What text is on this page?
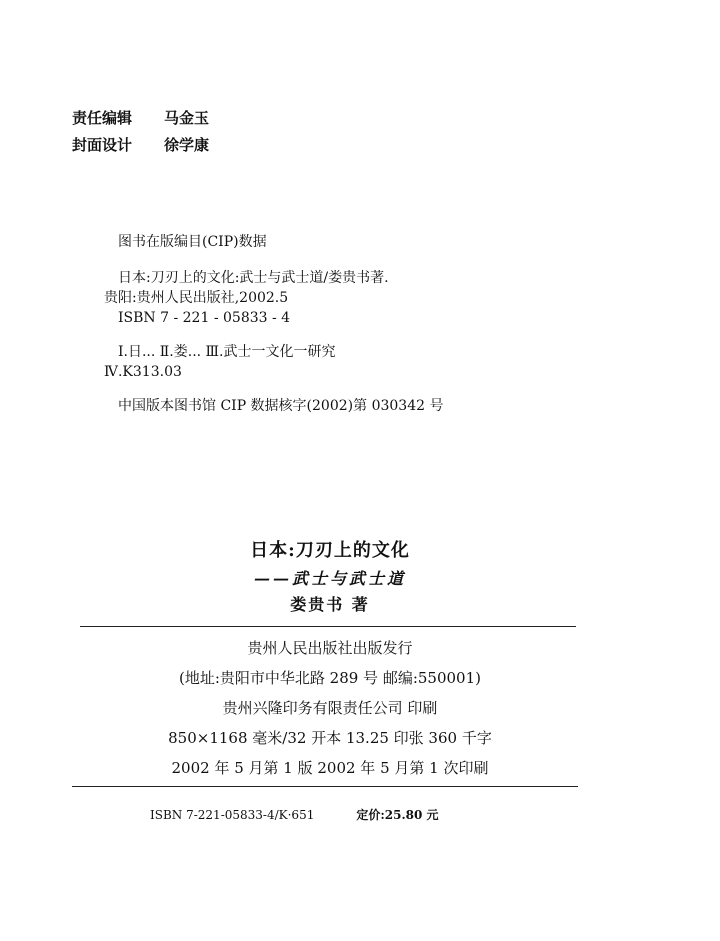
责任编辑 马金玉
封面设计 徐学康
图书在版编目(CIP)数据
日本:刀刃上的文化:武士与武士道/娄贵书著.
贵阳:贵州人民出版社,2002.5
ISBN 7 - 221 - 05833 - 4
Ⅰ.日... Ⅱ.娄... Ⅲ.武士一文化一研究
Ⅳ.K313.03
中国版本图书馆 CIP 数据核字(2002)第 030342 号
日本:刀刃上的文化
——武士与武士道
娄贵书 著
贵州人民出版社出版发行
(地址:贵阳市中华北路 289 号 邮编:550001)
贵州兴隆印务有限责任公司 印刷
850×1168 毫米/32 开本 13.25 印张 360 千字
2002 年 5 月第 1 版 2002 年 5 月第 1 次印刷
ISBN 7-221-05833-4/K·651	定价:25.80 元
